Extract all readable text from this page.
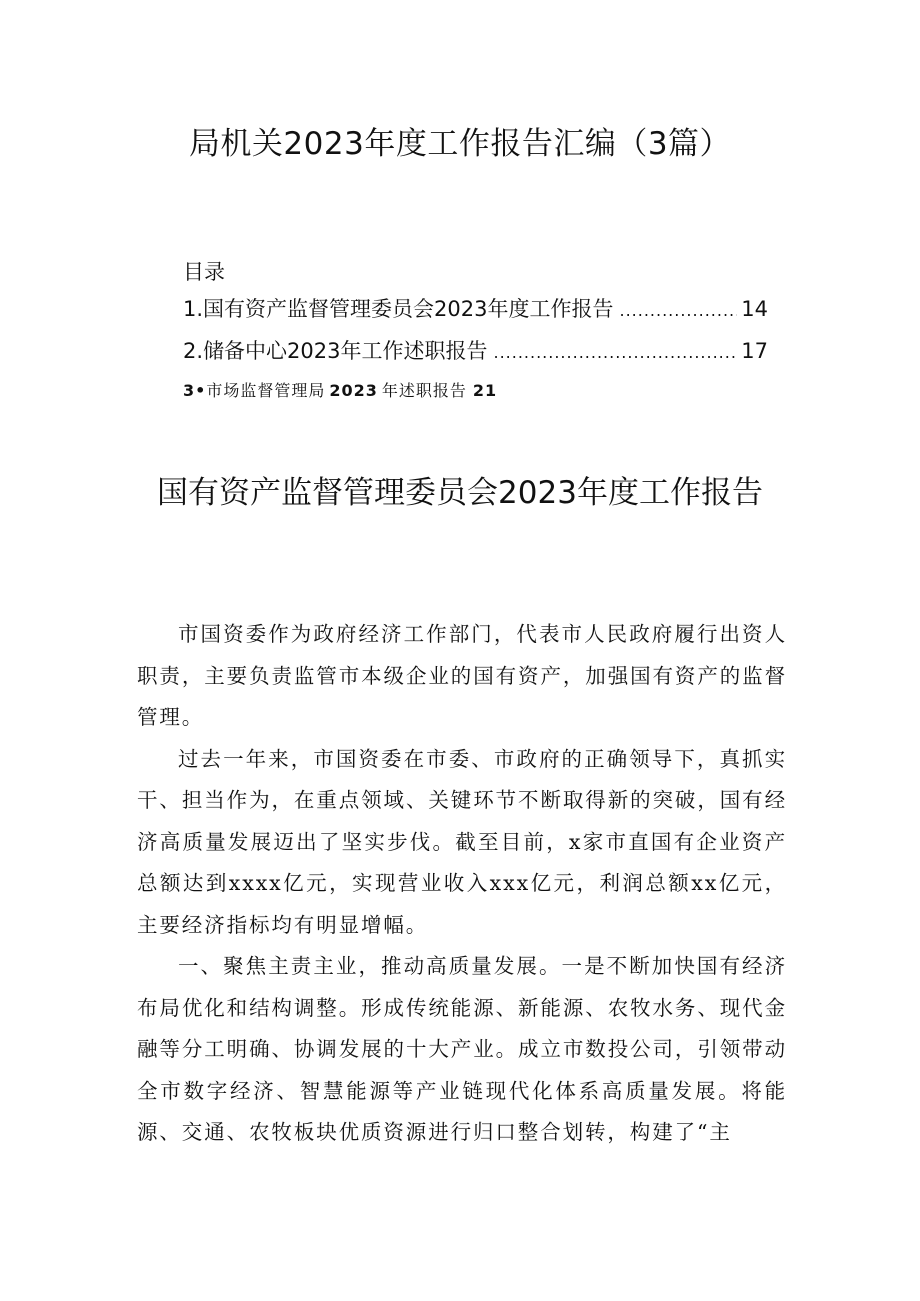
局机关2023年度工作报告汇编（3篇）
目录
1.国有资产监督管理委员会2023年度工作报告 .....	14
2.储备中心2023年工作述职报告 .....	17
3• 市场监督管理局 2023 年述职报告 21
国有资产监督管理委员会2023年度工作报告

市国资委作为政府经济工作部门，代表市人民政府履行出资人职责，主要负责监管市本级企业的国有资产，加强国有资产的监督管理。

过去一年来，市国资委在市委、市政府的正确领导下，真抓实干、担当作为，在重点领域、关键环节不断取得新的突破，国有经济高质量发展迈出了坚实步伐。截至目前，x家市直国有企业资产总额达到xxxx亿元，实现营业收入xxx亿元，利润总额xx亿元，主要经济指标均有明显增幅。

一、聚焦主责主业，推动高质量发展。一是不断加快国有经济布局优化和结构调整。形成传统能源、新能源、农牧水务、现代金融等分工明确、协调发展的十大产业。成立市数投公司，引领带动全市数字经济、智慧能源等产业链现代化体系高质量发展。将能源、交通、农牧板块优质资源进行归口整合划转，构建了“主
